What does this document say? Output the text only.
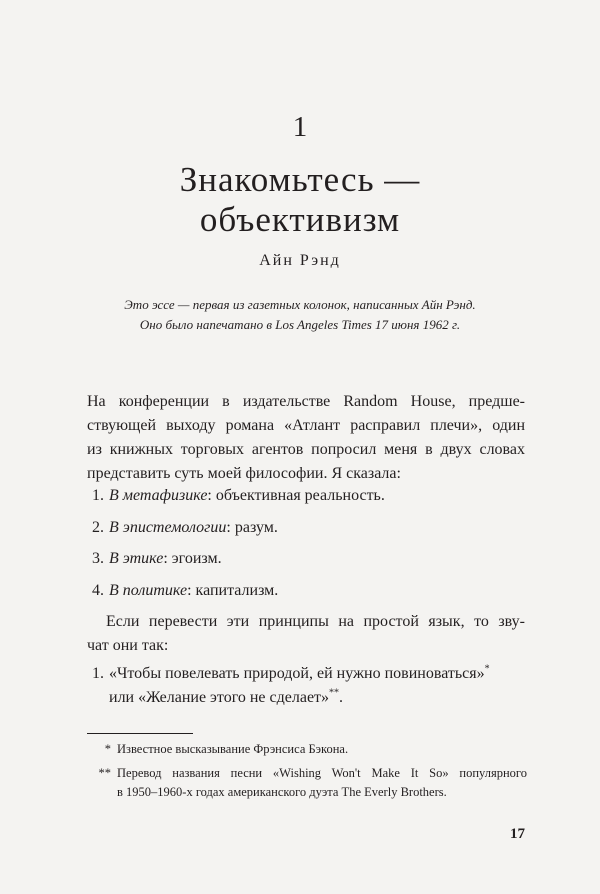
1
Знакомьтесь —
объективизм
Айн Рэнд
Это эссе — первая из газетных колонок, написанных Айн Рэнд.
Оно было напечатано в Los Angeles Times 17 июня 1962 г.
На конференции в издательстве Random House, предше-
ствующей выходу романа «Атлант расправил плечи», один
из книжных торговых агентов попросил меня в двух словах
представить суть моей философии. Я сказала:
1. В метафизике: объективная реальность.
2. В эпистемологии: разум.
3. В этике: эгоизм.
4. В политике: капитализм.
Если перевести эти принципы на простой язык, то зву-
чат они так:
1. «Чтобы повелевать природой, ей нужно повиноваться»*
или «Желание этого не сделает»**.
* Известное высказывание Фрэнсиса Бэкона.
** Перевод названия песни «Wishing Won't Make It So» популярного
в 1950–1960-х годах американского дуэта The Everly Brothers.
17
